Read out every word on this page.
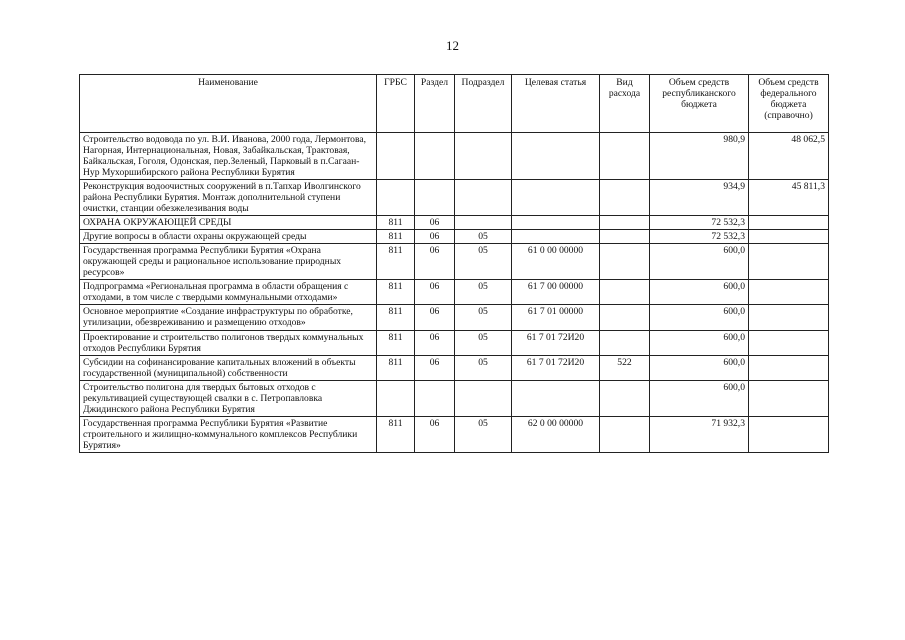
12
Наименование	ГРБС	Раздел	Подраздел	Целевая статья	Вид расхода	Объем средств республиканского бюджета	Объем средств федерального бюджета (справочно)
Строительство водовода по ул. В.И. Иванова, 2000 года, Лермонтова, Нагорная, Интернациональная, Новая, Забайкальская, Трактовая, Байкальская, Гоголя, Одонская, пер.Зеленый, Парковый в п.Сагаан-Нур Мухоршибирского района Республики Бурятия						980,9	48 062,5
Реконструкция водоочистных сооружений в п.Тапхар Иволгинского района Республики Бурятия. Монтаж дополнительной ступени очистки, станции обезжелезивания воды						934,9	45 811,3
ОХРАНА ОКРУЖАЮЩЕЙ СРЕДЫ	811	06				72 532,3	
Другие вопросы в области охраны окружающей среды	811	06	05			72 532,3	
Государственная программа Республики Бурятия «Охрана окружающей среды и рациональное использование природных ресурсов»	811	06	05	61 0 00 00000		600,0	
Подпрограмма «Региональная программа в области обращения с отходами, в том числе с твердыми коммунальными отходами»	811	06	05	61 7 00 00000		600,0	
Основное мероприятие «Создание инфраструктуры по обработке, утилизации, обезвреживанию и размещению отходов»	811	06	05	61 7 01 00000		600,0	
Проектирование и строительство полигонов твердых коммунальных отходов Республики Бурятия	811	06	05	61 7 01 72И20		600,0	
Субсидии на софинансирование капитальных вложений в объекты государственной (муниципальной) собственности	811	06	05	61 7 01 72И20	522	600,0	
Строительство полигона для твердых бытовых отходов с рекультивацией существующей свалки в с. Петропавловка Джидинского района Республики Бурятия						600,0	
Государственная программа Республики Бурятия «Развитие строительного и жилищно-коммунального комплексов Республики Бурятия»	811	06	05	62 0 00 00000		71 932,3	
